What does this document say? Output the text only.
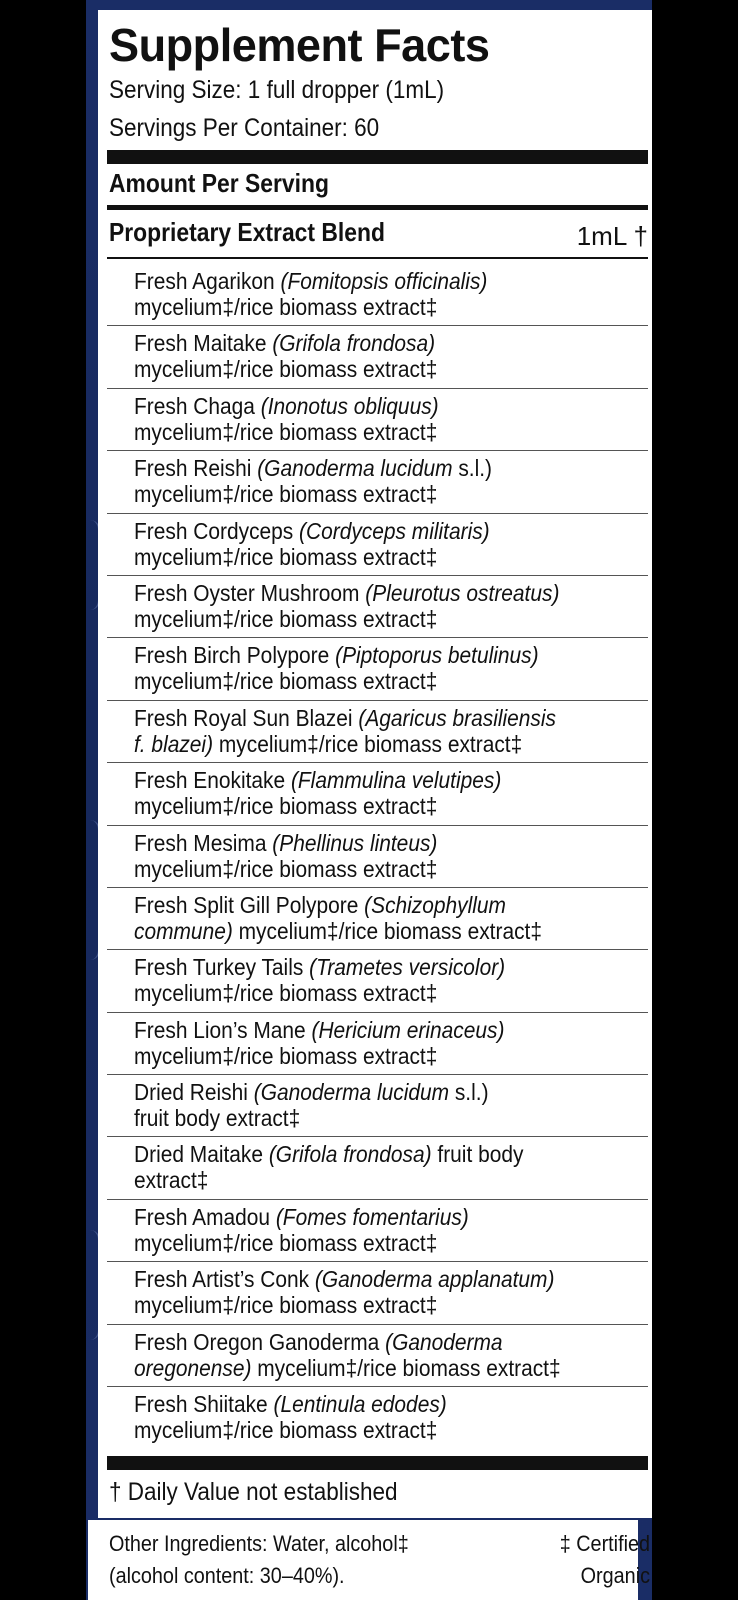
Supplement Facts
Serving Size: 1 full dropper (1mL)
Servings Per Container: 60
Amount Per Serving
Proprietary Extract Blend	1mL †
Fresh Agarikon (Fomitopsis officinalis)
mycelium‡/rice biomass extract‡
Fresh Maitake (Grifola frondosa)
mycelium‡/rice biomass extract‡
Fresh Chaga (Inonotus obliquus)
mycelium‡/rice biomass extract‡
Fresh Reishi (Ganoderma lucidum s.l.)
mycelium‡/rice biomass extract‡
Fresh Cordyceps (Cordyceps militaris)
mycelium‡/rice biomass extract‡
Fresh Oyster Mushroom (Pleurotus ostreatus)
mycelium‡/rice biomass extract‡
Fresh Birch Polypore (Piptoporus betulinus)
mycelium‡/rice biomass extract‡
Fresh Royal Sun Blazei (Agaricus brasiliensis
f. blazei) mycelium‡/rice biomass extract‡
Fresh Enokitake (Flammulina velutipes)
mycelium‡/rice biomass extract‡
Fresh Mesima (Phellinus linteus)
mycelium‡/rice biomass extract‡
Fresh Split Gill Polypore (Schizophyllum
commune) mycelium‡/rice biomass extract‡
Fresh Turkey Tails (Trametes versicolor)
mycelium‡/rice biomass extract‡
Fresh Lion’s Mane (Hericium erinaceus)
mycelium‡/rice biomass extract‡
Dried Reishi (Ganoderma lucidum s.l.)
fruit body extract‡
Dried Maitake (Grifola frondosa) fruit body
extract‡
Fresh Amadou (Fomes fomentarius)
mycelium‡/rice biomass extract‡
Fresh Artist’s Conk (Ganoderma applanatum)
mycelium‡/rice biomass extract‡
Fresh Oregon Ganoderma (Ganoderma
oregonense) mycelium‡/rice biomass extract‡
Fresh Shiitake (Lentinula edodes)
mycelium‡/rice biomass extract‡
† Daily Value not established
Other Ingredients: Water, alcohol‡
(alcohol content: 30–40%).
‡ Certified
Organic
